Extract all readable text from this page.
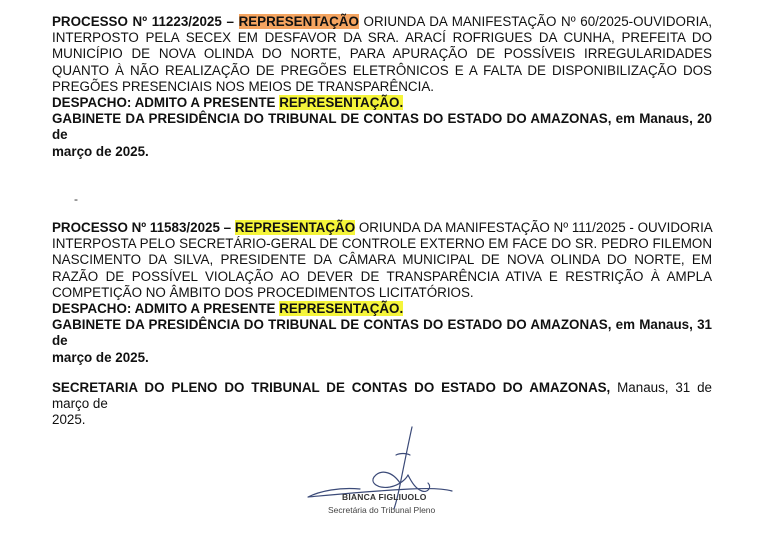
PROCESSO Nº 11223/2025 – REPRESENTAÇÃO ORIUNDA DA MANIFESTAÇÃO Nº 60/2025-OUVIDORIA, INTERPOSTO PELA SECEX EM DESFAVOR DA SRA. ARACÍ ROFRIGUES DA CUNHA, PREFEITA DO MUNICÍPIO DE NOVA OLINDA DO NORTE, PARA APURAÇÃO DE POSSÍVEIS IRREGULARIDADES QUANTO À NÃO REALIZAÇÃO DE PREGÕES ELETRÔNICOS E A FALTA DE DISPONIBILIZAÇÃO DOS PREGÕES PRESENCIAIS NOS MEIOS DE TRANSPARÊNCIA.

DESPACHO: ADMITO A PRESENTE REPRESENTAÇÃO.

GABINETE DA PRESIDÊNCIA DO TRIBUNAL DE CONTAS DO ESTADO DO AMAZONAS, em Manaus, 20 de
março de 2025.

-

PROCESSO Nº 11583/2025 – REPRESENTAÇÃO ORIUNDA DA MANIFESTAÇÃO Nº 111/2025 - OUVIDORIA INTERPOSTA PELO SECRETÁRIO-GERAL DE CONTROLE EXTERNO EM FACE DO SR. PEDRO FILEMON NASCIMENTO DA SILVA, PRESIDENTE DA CÂMARA MUNICIPAL DE NOVA OLINDA DO NORTE, EM RAZÃO DE POSSÍVEL VIOLAÇÃO AO DEVER DE TRANSPARÊNCIA ATIVA E RESTRIÇÃO À AMPLA COMPETIÇÃO NO ÂMBITO DOS PROCEDIMENTOS LICITATÓRIOS.

DESPACHO: ADMITO A PRESENTE REPRESENTAÇÃO.

GABINETE DA PRESIDÊNCIA DO TRIBUNAL DE CONTAS DO ESTADO DO AMAZONAS, em Manaus, 31 de
março de 2025.

SECRETARIA DO PLENO DO TRIBUNAL DE CONTAS DO ESTADO DO AMAZONAS, Manaus, 31 de março de
2025.

BIANCA FIGLIUOLO
Secretária do Tribunal Pleno
